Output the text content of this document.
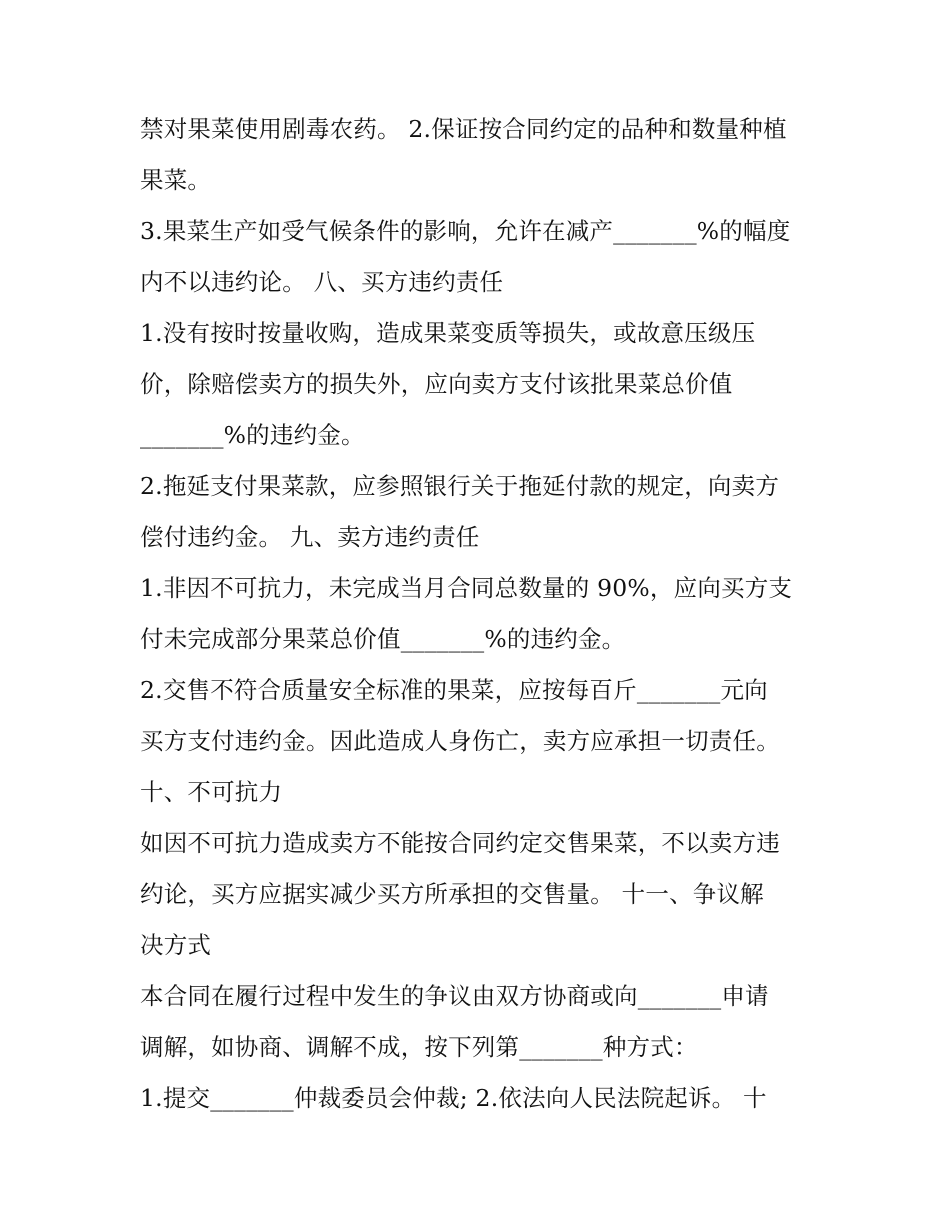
禁对果菜使用剧毒农药。 2.保证按合同约定的品种和数量种植
果菜。
3.果菜生产如受气候条件的影响，允许在减产_______%的幅度
内不以违约论。 八、买方违约责任
1.没有按时按量收购，造成果菜变质等损失，或故意压级压
价，除赔偿卖方的损失外，应向卖方支付该批果菜总价值
_______%的违约金。
2.拖延支付果菜款，应参照银行关于拖延付款的规定，向卖方
偿付违约金。 九、卖方违约责任
1.非因不可抗力，未完成当月合同总数量的 90%，应向买方支
付未完成部分果菜总价值_______%的违约金。
2.交售不符合质量安全标准的果菜，应按每百斤_______元向
买方支付违约金。因此造成人身伤亡，卖方应承担一切责任。
十、不可抗力
如因不可抗力造成卖方不能按合同约定交售果菜，不以卖方违
约论，买方应据实减少买方所承担的交售量。 十一、争议解
决方式
本合同在履行过程中发生的争议由双方协商或向_______申请
调解，如协商、调解不成，按下列第_______种方式：
1.提交_______仲裁委员会仲裁; 2.依法向人民法院起诉。 十
